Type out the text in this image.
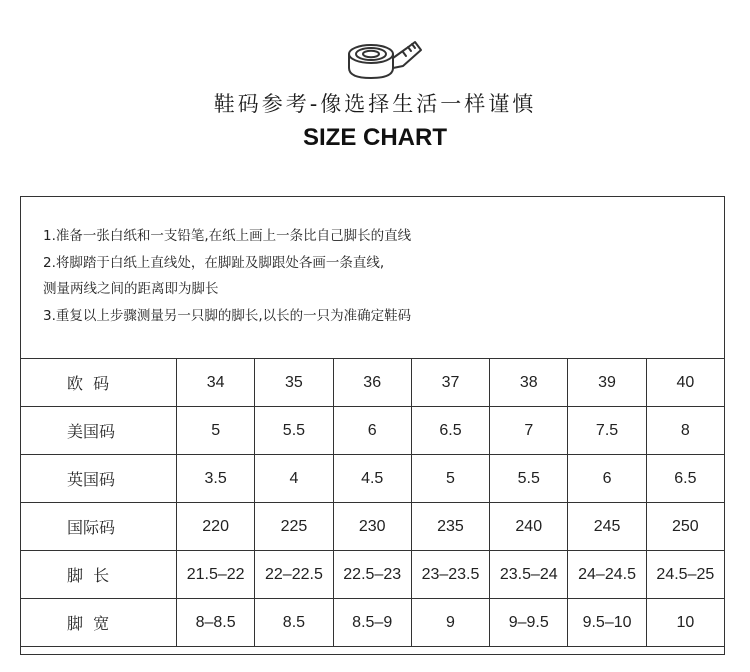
鞋码参考-像选择生活一样谨慎
SIZE CHART
1.准备一张白纸和一支铅笔,在纸上画上一条比自己脚长的直线
2.将脚踏于白纸上直线处，在脚趾及脚跟处各画一条直线,
测量两线之间的距离即为脚长
3.重复以上步骤测量另一只脚的脚长,以长的一只为准确定鞋码
欧  码	34	35	36	37	38	39	40
美国码	5	5.5	6	6.5	7	7.5	8
英国码	3.5	4	4.5	5	5.5	6	6.5
国际码	220	225	230	235	240	245	250
脚  长	21.5–22	22–22.5	22.5–23	23–23.5	23.5–24	24–24.5	24.5–25
脚  宽	8–8.5	8.5	8.5–9	9	9–9.5	9.5–10	10
